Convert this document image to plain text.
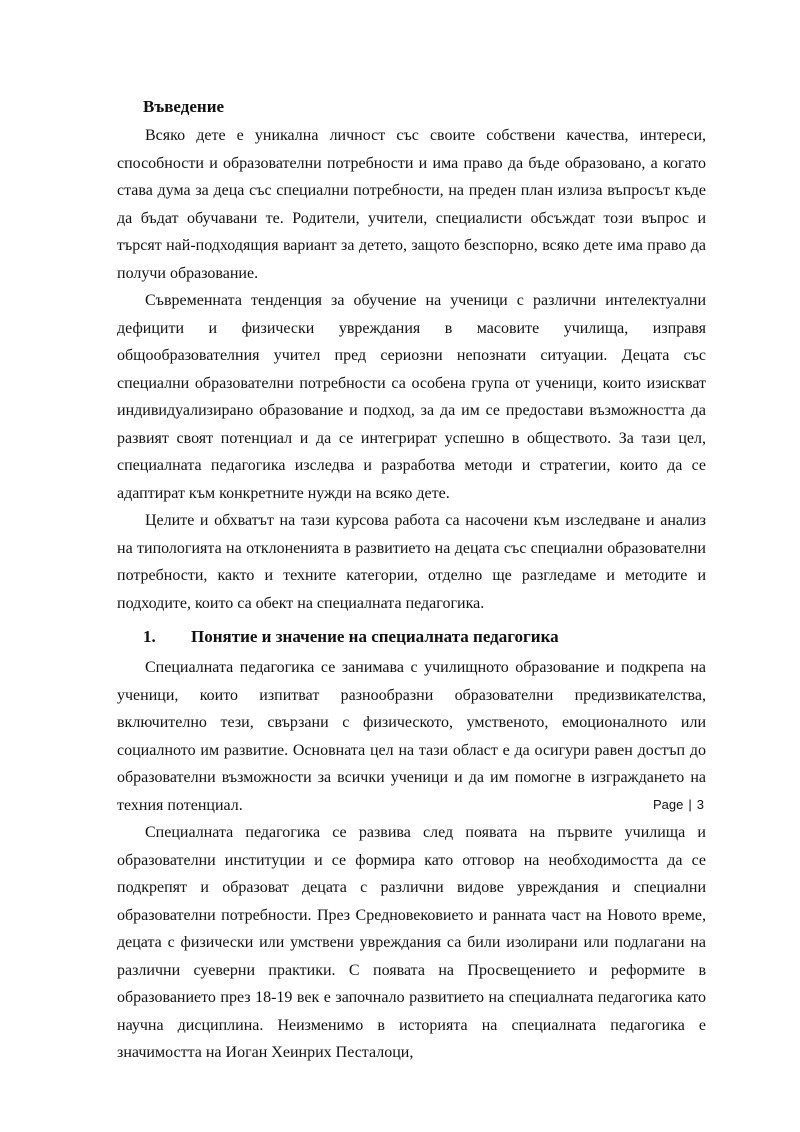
Въведение

Всяко дете е уникална личност със своите собствени качества, интереси, способности и образователни потребности и има право да бъде образовано, а когато става дума за деца със специални потребности, на преден план излиза въпросът къде да бъдат обучавани те. Родители, учители, специалисти обсъждат този въпрос и търсят най-подходящия вариант за детето, защото безспорно, всяко дете има право да получи образование.

Съвременната тенденция за обучение на ученици с различни интелектуални дефицити и физически увреждания в масовите училища, изправя общообразователния учител пред сериозни непознати ситуации. Децата със специални образователни потребности са особена група от ученици, които изискват индивидуализирано образование и подход, за да им се предостави възможността да развият своят потенциал и да се интегрират успешно в обществото. За тази цел, специалната педагогика изследва и разработва методи и стратегии, които да се адаптират към конкретните нужди на всяко дете.

Целите и обхватът на тази курсова работа са насочени към изследване и анализ на типологията на отклоненията в развитието на децата със специални образователни потребности, както и техните категории, отделно ще разгледаме и методите и подходите, които са обект на специалната педагогика.

1.	Понятие и значение на специалната педагогика

Специалната педагогика се занимава с училищното образование и подкрепа на ученици, които изпитват разнообразни образователни предизвикателства, включително тези, свързани с физическото, умственото, емоционалното или социалното им развитие. Основната цел на тази област е да осигури равен достъп до образователни възможности за всички ученици и да им помогне в изграждането на техния потенциал.

Специалната педагогика се развива след появата на първите училища и образователни институции и се формира като отговор на необходимостта да се подкрепят и образоват децата с различни видове увреждания и специални образователни потребности. През Средновековието и ранната част на Новото време, децата с физически или умствени увреждания са били изолирани или подлагани на различни суеверни практики. С появата на Просвещението и реформите в образованието през 18-19 век е започнало развитието на специалната педагогика като научна дисциплина. Неизменимо в историята на специалната педагогика е значимостта на Иоган Хеинрих Песталоци,

Page | 3
